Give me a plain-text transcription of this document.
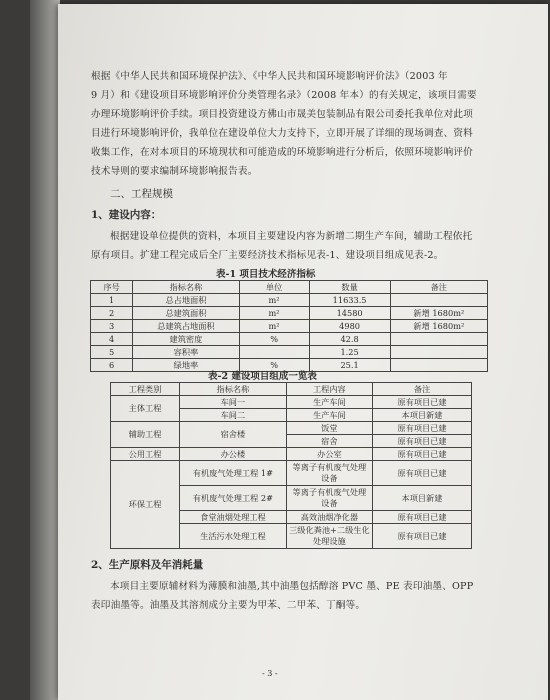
根据《中华人民共和国环境保护法》、《中华人民共和国环境影响评价法》（2003 年
9 月）和《建设项目环境影响评价分类管理名录》（2008 年本）的有关规定，该项目需要
办理环境影响评价手续。项目投资建设方佛山市晟美包装制品有限公司委托我单位对此项
目进行环境影响评价，我单位在建设单位大力支持下，立即开展了详细的现场调查、资料
收集工作，在对本项目的环境现状和可能造成的环境影响进行分析后，依照环境影响评价
技术导则的要求编制环境影响报告表。
二、工程规模
1、建设内容：
根据建设单位提供的资料，本项目主要建设内容为新增二期生产车间，辅助工程依托
原有项目。扩建工程完成后全厂主要经济技术指标见表-1、建设项目组成见表-2。
表-1 项目技术经济指标
序号	指标名称	单位	数量	备注
1	总占地面积	m²	11633.5	
2	总建筑面积	m²	14580	新增 1680m²
3	总建筑占地面积	m²	4980	新增 1680m²
4	建筑密度	%	42.8	
5	容积率		1.25	
6	绿地率	%	25.1	
表-2 建设项目组成一览表
工程类别	指标名称	工程内容	备注
主体工程	车间一	生产车间	原有项目已建
	车间二	生产车间	本项目新建
辅助工程	宿舍楼	饭堂	原有项目已建
		宿舍	原有项目已建
公用工程	办公楼	办公室	原有项目已建
环保工程	有机废气处理工程 1#	等离子有机废气处理设备	原有项目已建
	有机废气处理工程 2#	等离子有机废气处理设备	本项目新建
	食堂油烟处理工程	高效油烟净化器	原有项目已建
	生活污水处理工程	三级化粪池+二级生化处理设施	原有项目已建
2、生产原料及年消耗量
本项目主要原辅材料为薄膜和油墨,其中油墨包括醇溶 PVC 墨、PE 表印油墨、OPP
表印油墨等。油墨及其溶剂成分主要为甲苯、二甲苯、丁酮等。
- 3 -
